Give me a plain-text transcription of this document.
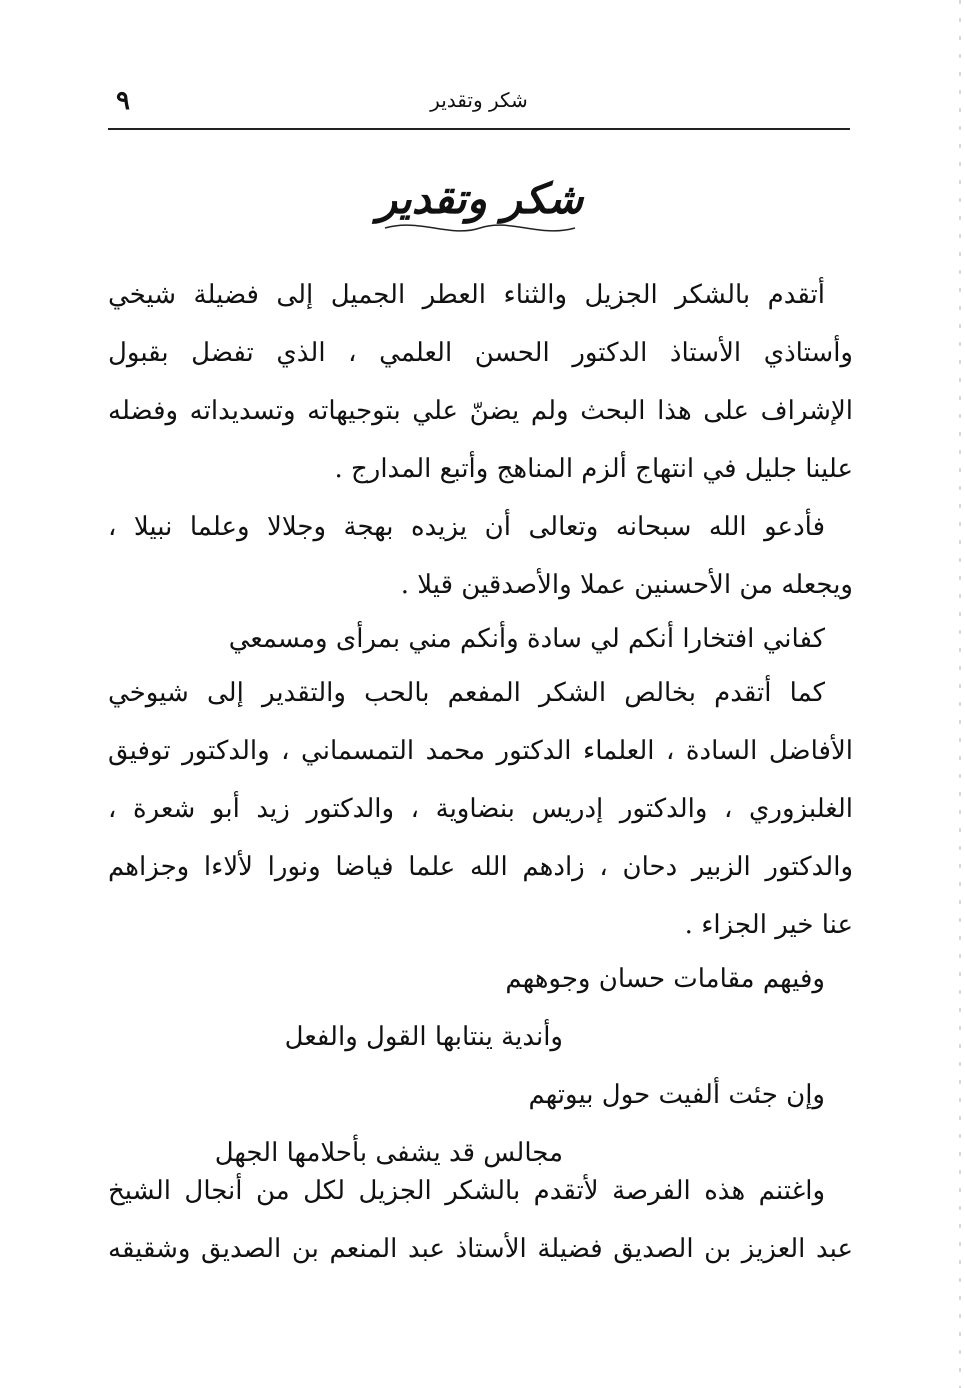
٩	شكر وتقدير
شكر وتقدير
أتقدم بالشكر الجزيل والثناء العطر الجميل إلى فضيلة شيخي
وأستاذي الأستاذ الدكتور الحسن العلمي ، الذي تفضل بقبول
الإشراف على هذا البحث ولم يضنّ علي بتوجيهاته وتسديداته وفضله
علينا جليل في انتهاج ألزم المناهج وأتبع المدارج .
فأدعو الله سبحانه وتعالى أن يزيده بهجة وجلالا وعلما نبيلا ،
ويجعله من الأحسنين عملا والأصدقين قيلا .
كفاني افتخارا أنكم لي سادة وأنكم مني بمرأى ومسمعي
كما أتقدم بخالص الشكر المفعم بالحب والتقدير إلى شيوخي
الأفاضل السادة ، العلماء الدكتور محمد التمسماني ، والدكتور توفيق
الغلبزوري ، والدكتور إدريس بنضاوية ، والدكتور زيد أبو شعرة ،
والدكتور الزبير دحان ، زادهم الله علما فياضا ونورا لألاءا وجزاهم
عنا خير الجزاء .
وفيهم مقامات حسان وجوههم
وأندية ينتابها القول والفعل
وإن جئت ألفيت حول بيوتهم
مجالس قد يشفى بأحلامها الجهل
واغتنم هذه الفرصة لأتقدم بالشكر الجزيل لكل من أنجال الشيخ
عبد العزيز بن الصديق فضيلة الأستاذ عبد المنعم بن الصديق وشقيقه
